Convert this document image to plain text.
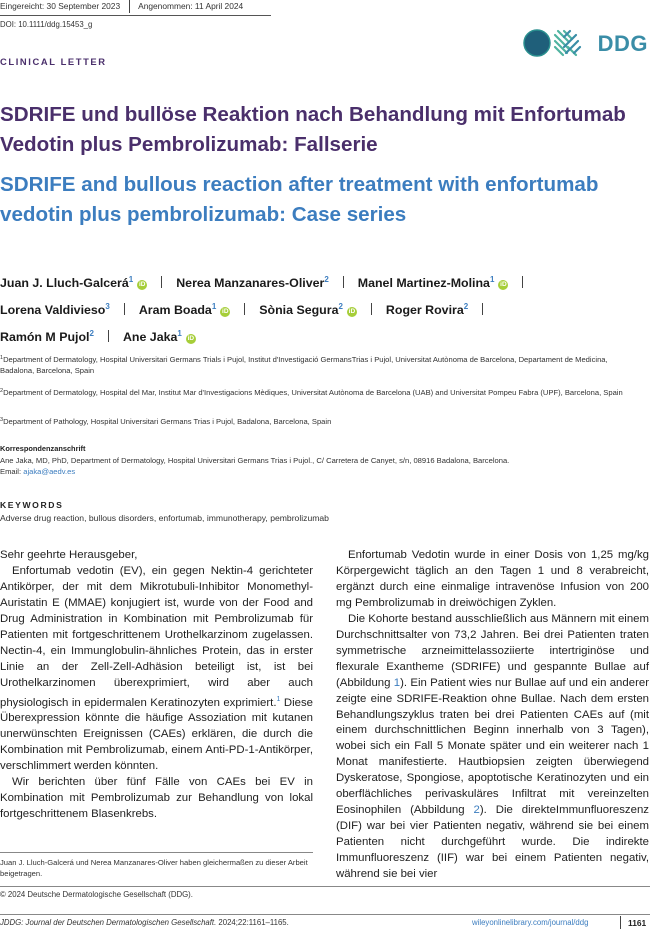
Eingereicht: 30 September 2023	Angenommen: 11 April 2024
DOI: 10.1111/ddg.15453_g
DDG
CLINICAL LETTER
SDRIFE und bullöse Reaktion nach Behandlung mit Enfortumab Vedotin plus Pembrolizumab: Fallserie
SDRIFE and bullous reaction after treatment with enfortumab vedotin plus pembrolizumab: Case series
Juan J. Lluch-Galcerá$^1$iD Nerea Manzanares-Oliver$^2$ Manel Martinez-Molina$^1$iD
Lorena Valdivieso$^3$ Aram Boada$^1$iD Sònia Segura$^2$iD Roger Rovira$^2$
Ramón M Pujol$^2$ Ane Jaka$^1$iD
$^1$Department of Dermatology, Hospital Universitari Germans Trials i Pujol, Institut d'Investigació GermansTrias i Pujol, Universitat Autònoma de Barcelona, Departament de Medicina, Badalona, Barcelona, Spain
$^2$Department of Dermatology, Hospital del Mar, Institut Mar d'Investigacions Mèdiques, Universitat Autònoma de Barcelona (UAB) and Universitat Pompeu Fabra (UPF), Barcelona, Spain
$^3$Department of Pathology, Hospital Universitari Germans Trias i Pujol, Badalona, Barcelona, Spain
Korrespondenzanschrift
Ane Jaka, MD, PhD, Department of Dermatology, Hospital Universitari Germans Trias i Pujol., C/ Carretera de Canyet, s/n, 08916 Badalona, Barcelona.
Email: ajaka@aedv.es
KEYWORDS
Adverse drug reaction, bullous disorders, enfortumab, immunotherapy, pembrolizumab

Sehr geehrte Herausgeber,

Enfortumab vedotin (EV), ein gegen Nektin-4 gerichteter Antikörper, der mit dem Mikrotubuli-Inhibitor Monomethyl-Auristatin E (MMAE) konjugiert ist, wurde von der Food and Drug Administration in Kombination mit Pembrolizumab für Patienten mit fortgeschrittenem Urothelkarzinom zugelassen. Nectin-4, ein Immunglobulin-ähnliches Protein, das in erster Linie an der Zell-Zell-Adhäsion beteiligt ist, ist bei Urothelkarzinomen überexprimiert, wird aber auch physiologisch in epidermalen Keratinozyten exprimiert.$^1$ Diese Überexpression könnte die häufige Assoziation mit kutanen unerwünschten Ereignissen (CAEs) erklären, die durch die Kombination mit Pembrolizumab, einem Anti-PD-1-Antikörper, verschlimmert werden könnten.

Wir berichten über fünf Fälle von CAEs bei EV in Kombination mit Pembrolizumab zur Behandlung von lokal fortgeschrittenem Blasenkrebs.

Enfortumab Vedotin wurde in einer Dosis von 1,25 mg/kg Körpergewicht täglich an den Tagen 1 und 8 verabreicht, ergänzt durch eine einmalige intravenöse Infusion von 200 mg Pembrolizumab in dreiwöchigen Zyklen.

Die Kohorte bestand ausschließlich aus Männern mit einem Durchschnittsalter von 73,2 Jahren. Bei drei Patienten traten symmetrische arzneimittelassoziierte intertriginöse und flexurale Exantheme (SDRIFE) und gespannte Bullae auf (Abbildung 1). Ein Patient wies nur Bullae auf und ein anderer zeigte eine SDRIFE-Reaktion ohne Bullae. Nach dem ersten Behandlungszyklus traten bei drei Patienten CAEs auf (mit einem durchschnittlichen Beginn innerhalb von 3 Tagen), wobei sich ein Fall 5 Monate später und ein weiterer nach 1 Monat manifestierte. Hautbiopsien zeigten überwiegend Dyskeratose, Spongiose, apoptotische Keratinozyten und ein oberflächliches perivaskuläres Infiltrat mit vereinzelten Eosinophilen (Abbildung 2). Die direkteImmunfluoreszenz (DIF) war bei vier Patienten negativ, während sie bei einem Patienten nicht durchgeführt wurde. Die indirekte Immunfluoreszenz (IIF) war bei einem Patienten negativ, während sie bei vier

Juan J. Lluch-Galcerá und Nerea Manzanares-Oliver haben gleichermaßen zu dieser Arbeit beigetragen.
© 2024 Deutsche Dermatologische Gesellschaft (DDG).
JDDG: Journal der Deutschen Dermatologischen Gesellschaft. 2024;22:1161–1165.	wileyonlinelibrary.com/journal/ddg	1161
